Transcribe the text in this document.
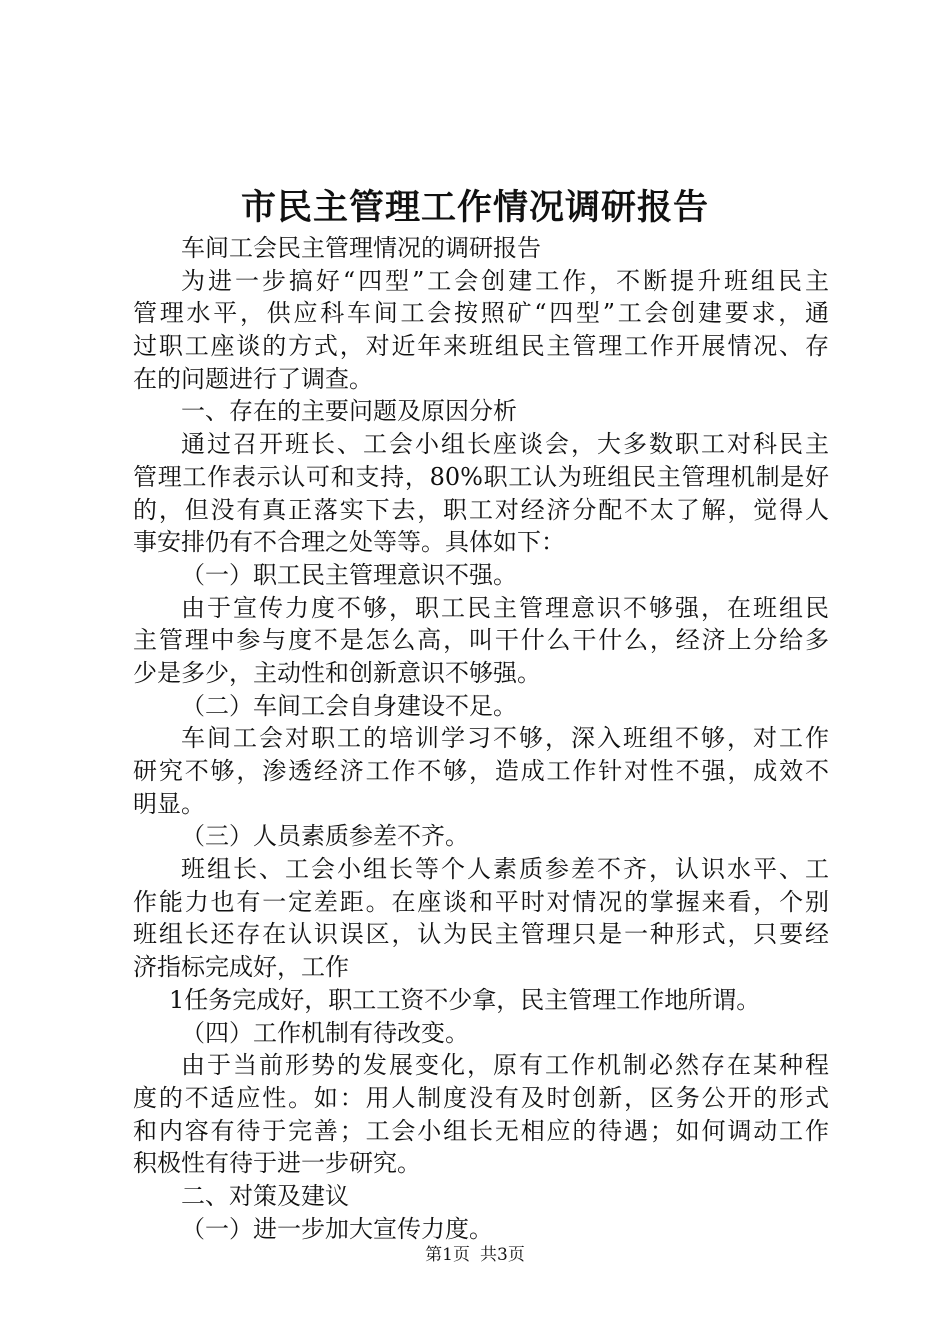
市民主管理工作情况调研报告
车间工会民主管理情况的调研报告
为进一步搞好“四型”工会创建工作，不断提升班组民主
管理水平，供应科车间工会按照矿“四型”工会创建要求，通
过职工座谈的方式，对近年来班组民主管理工作开展情况、存
在的问题进行了调查。
一、存在的主要问题及原因分析
通过召开班长、工会小组长座谈会，大多数职工对科民主
管理工作表示认可和支持，80%职工认为班组民主管理机制是好
的，但没有真正落实下去，职工对经济分配不太了解，觉得人
事安排仍有不合理之处等等。具体如下：
（一）职工民主管理意识不强。
由于宣传力度不够，职工民主管理意识不够强，在班组民
主管理中参与度不是怎么高，叫干什么干什么，经济上分给多
少是多少，主动性和创新意识不够强。
（二）车间工会自身建设不足。
车间工会对职工的培训学习不够，深入班组不够，对工作
研究不够，渗透经济工作不够，造成工作针对性不强，成效不
明显。
（三）人员素质参差不齐。
班组长、工会小组长等个人素质参差不齐，认识水平、工
作能力也有一定差距。在座谈和平时对情况的掌握来看，个别
班组长还存在认识误区，认为民主管理只是一种形式，只要经
济指标完成好，工作
1任务完成好，职工工资不少拿，民主管理工作地所谓。
（四）工作机制有待改变。
由于当前形势的发展变化，原有工作机制必然存在某种程
度的不适应性。如：用人制度没有及时创新，区务公开的形式
和内容有待于完善；工会小组长无相应的待遇；如何调动工作
积极性有待于进一步研究。
二、对策及建议
（一）进一步加大宣传力度。
第1页 共3页
